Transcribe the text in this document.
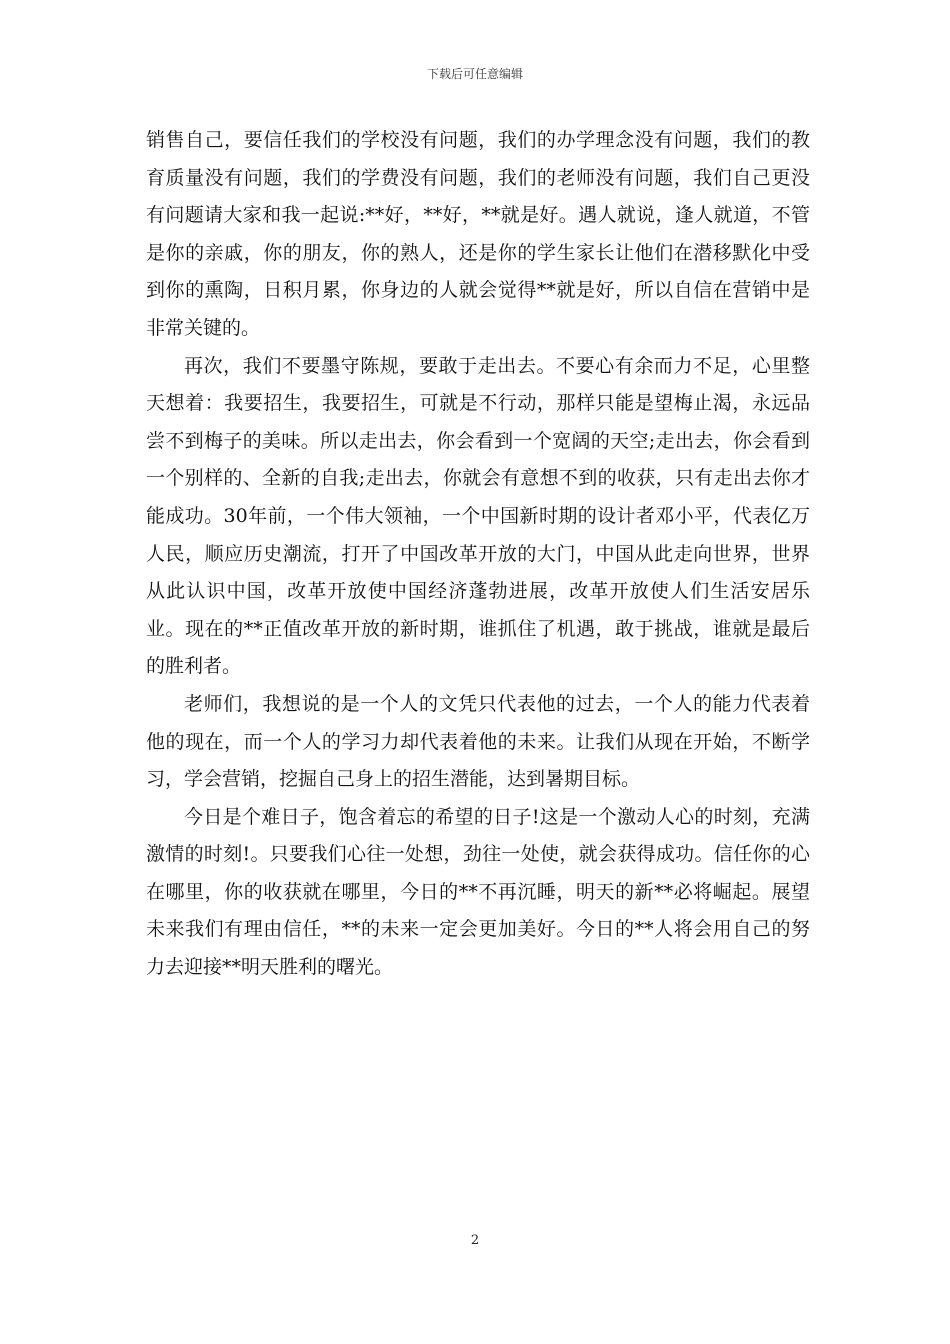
下载后可任意编辑

销售自己，要信任我们的学校没有问题，我们的办学理念没有问题，我们的教育质量没有问题，我们的学费没有问题，我们的老师没有问题，我们自己更没有问题请大家和我一起说:**好，**好，**就是好。遇人就说，逢人就道，不管是你的亲戚，你的朋友，你的熟人，还是你的学生家长让他们在潜移默化中受到你的熏陶，日积月累，你身边的人就会觉得**就是好，所以自信在营销中是非常关键的。

再次，我们不要墨守陈规，要敢于走出去。不要心有余而力不足，心里整天想着：我要招生，我要招生，可就是不行动，那样只能是望梅止渴，永远品尝不到梅子的美味。所以走出去，你会看到一个宽阔的天空;走出去，你会看到一个别样的、全新的自我;走出去，你就会有意想不到的收获，只有走出去你才能成功。30年前，一个伟大领袖，一个中国新时期的设计者邓小平，代表亿万人民，顺应历史潮流，打开了中国改革开放的大门，中国从此走向世界，世界从此认识中国，改革开放使中国经济蓬勃进展，改革开放使人们生活安居乐业。现在的**正值改革开放的新时期，谁抓住了机遇，敢于挑战，谁就是最后的胜利者。

老师们，我想说的是一个人的文凭只代表他的过去，一个人的能力代表着他的现在，而一个人的学习力却代表着他的未来。让我们从现在开始，不断学习，学会营销，挖掘自己身上的招生潜能，达到暑期目标。

今日是个难日子，饱含着忘的希望的日子!这是一个激动人心的时刻，充满激情的时刻!。只要我们心往一处想，劲往一处使，就会获得成功。信任你的心在哪里，你的收获就在哪里，今日的**不再沉睡，明天的新**必将崛起。展望未来我们有理由信任，**的未来一定会更加美好。今日的**人将会用自己的努力去迎接**明天胜利的曙光。

2
